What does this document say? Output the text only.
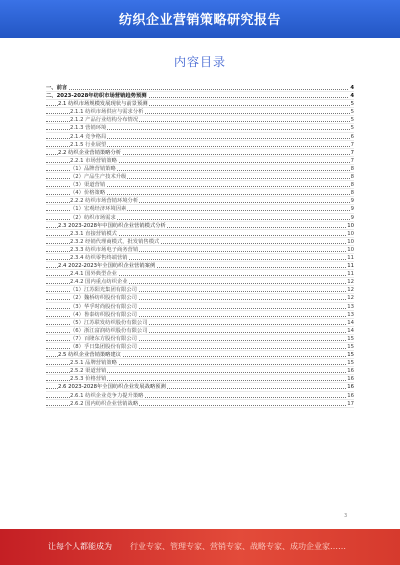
纺织企业营销策略研究报告
内容目录
一、前言	4
二、2023-2028年纺织市场营销趋势预测	4
2.1 纺织市场规模发展现状与前景预测	5
2.1.1 纺织市场供应与需求分析	5
2.1.2 产品行业结构分布情况	5
2.1.3 营销环境	5
2.1.4 竞争格局	6
2.1.5 行业展望	7
2.2 纺织企业营销策略分析	7
2.2.1 市场营销策略	7
（1）品牌营销策略	8
（2）产品生产技术升级	8
（3）渠道营销	8
（4）价格策略	8
2.2.2 纺织市场营销环境分析	9
（1）宏观经济环境因素	9
（2）纺织市场需求	9
2.3 2023-2028年中国纺织企业营销模式分析	10
2.3.1 直接营销模式	10
2.3.2 经销代理商模式，批发销售模式	10
2.3.3 纺织市场电子商务营销	10
2.3.4 纺织零售终端营销	11
2.4 2022-2023年全国纺织企业营销案例	11
2.4.1 国外典型企业	11
2.4.2 国内重点纺织企业	12
（1）江苏阳光集团有限公司	12
（2）魏桥纺织股份有限公司	12
（3）华孚时尚股份有限公司	13
（4）鲁泰纺织股份有限公司	13
（5）江苏联发纺织股份有限公司	14
（6）浙江富润纺织股份有限公司	14
（7）百隆东方股份有限公司	15
（8）孚日集团股份有限公司	15
2.5 纺织企业营销策略建议	15
2.5.1 品牌营销策略	15
2.5.2 渠道营销	16
2.5.3 价格营销	16
2.6 2023-2028年全国纺织企业发展战略预测	16
2.6.1 纺织企业竞争力提升策略	16
2.6.2 国内纺织企业营销战略	17
3
让每个人都能成为 行业专家、管理专家、营销专家、战略专家、成功企业家……
